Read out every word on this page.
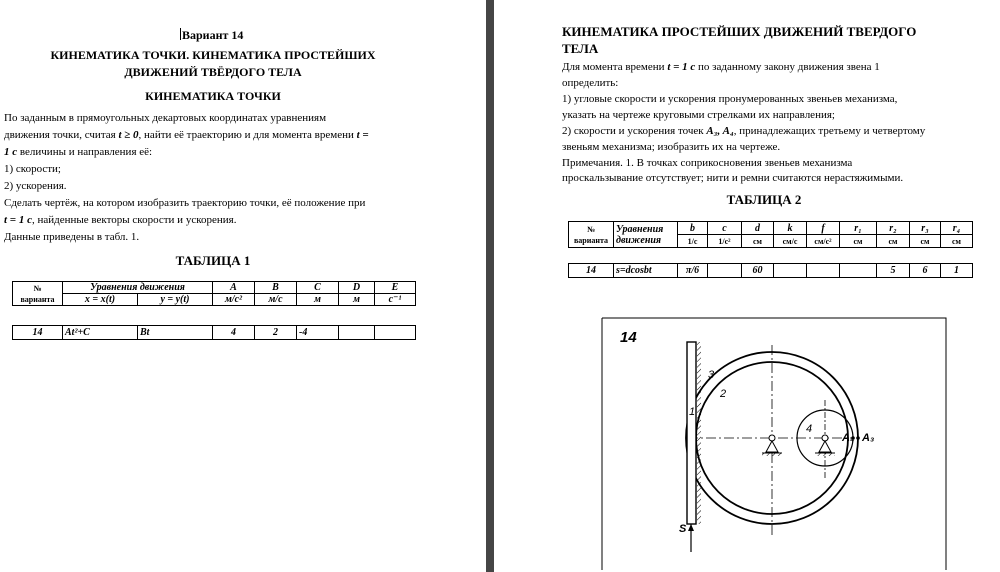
Вариант 14
КИНЕМАТИКА ТОЧКИ. КИНЕМАТИКА ПРОСТЕЙШИХ
ДВИЖЕНИЙ ТВЁРДОГО ТЕЛА
КИНЕМАТИКА ТОЧКИ
По заданным в прямоугольных декартовых координатах уравнениям
движения точки, считая t ≥ 0, найти её траекторию и для момента времени t =
1 с величины и направления её:
1) скорости;
2) ускорения.
Сделать чертёж, на котором изобразить траекторию точки, её положение при
t = 1 с, найденные векторы скорости и ускорения.
Данные приведены в табл. 1.
ТАБЛИЦА 1
№
варианта	Уравнения движения		A	B	C	D	E
	x = x(t)	y = y(t)	м/с²	м/с	м	м	с⁻¹
14	At²+C	Bt	4	2	-4		
КИНЕМАТИКА ПРОСТЕЙШИХ ДВИЖЕНИЙ ТВЕРДОГО
ТЕЛА
Для момента времени t = 1 с по заданному закону движения звена 1
определить:
1) угловые скорости и ускорения пронумерованных звеньев механизма,
указать на чертеже круговыми стрелками их направления;
2) скорости и ускорения точек A₃, A₄, принадлежащих третьему и четвертому
звеньям механизма; изобразить их на чертеже.
Примечания. 1. В точках соприкосновения звеньев механизма
проскальзывание отсутствует; нити и ремни считаются нерастяжимыми.
ТАБЛИЦА 2
№
варианта	Уравнения
движения	b	c	d	k	f	r₁	r₂	r₃	r₄
		1/с	1/с²	см	см/с	см/с²	см	см	см	см
14	s=dcosbt	π/6		60				5	6	1
14
1
2
3
4
A₄ A₃
S
